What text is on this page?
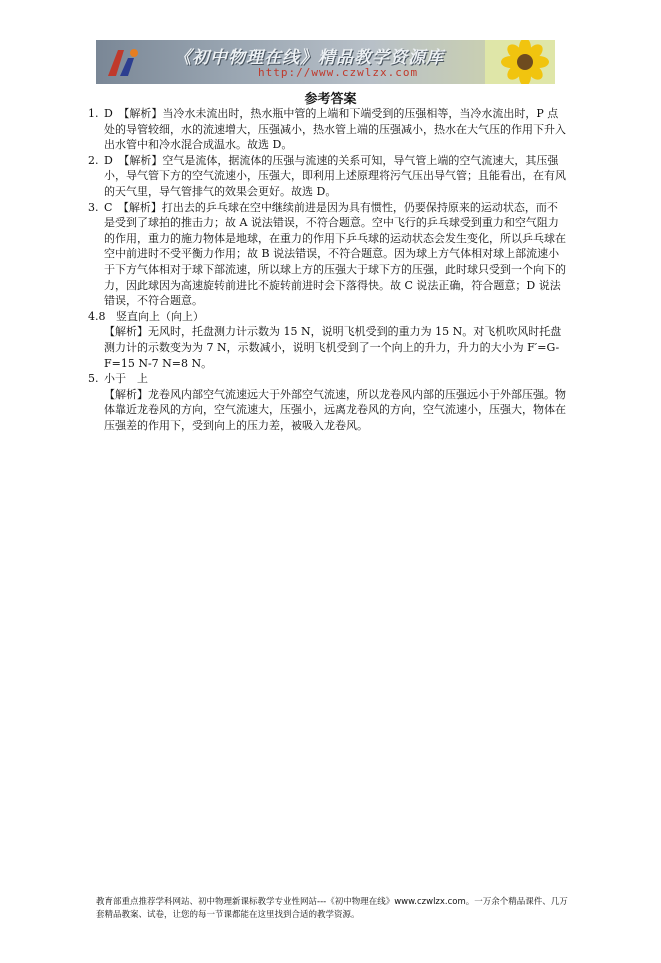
《初中物理在线》精品教学资源库
http://www.czwlzx.com
参考答案
1. D　【解析】当冷水未流出时，热水瓶中管的上端和下端受到的压强相等，当冷水流出时，P 点处的导管较细，水的流速增大，压强减小，热水管上端的压强减小，热水在大气压的作用下升入出水管中和冷水混合成温水。故选 D。
2. D　【解析】空气是流体，据流体的压强与流速的关系可知，导气管上端的空气流速大，其压强小，导气管下方的空气流速小，压强大，即利用上述原理将污气压出导气管；且能看出，在有风的天气里，导气管排气的效果会更好。故选 D。
3. C　【解析】打出去的乒乓球在空中继续前进是因为具有惯性，仍要保持原来的运动状态，而不是受到了球拍的推击力；故 A 说法错误，不符合题意。空中飞行的乒乓球受到重力和空气阻力的作用，重力的施力物体是地球，在重力的作用下乒乓球的运动状态会发生变化，所以乒乓球在空中前进时不受平衡力作用；故 B 说法错误，不符合题意。因为球上方气体相对球上部流速小于下方气体相对于球下部流速，所以球上方的压强大于球下方的压强，此时球只受到一个向下的力，因此球因为高速旋转前进比不旋转前进时会下落得快。故 C 说法正确，符合题意；D 说法错误，不符合题意。
4.8 竖直向上（向上）

【解析】无风时，托盘测力计示数为 15 N，说明飞机受到的重力为 15 N。对飞机吹风时托盘测力计的示数变为为 7 N，示数减小，说明飞机受到了一个向上的升力，升力的大小为 F′=G-F=15 N-7 N=8 N。

5. 小于　上

【解析】龙卷风内部空气流速远大于外部空气流速，所以龙卷风内部的压强远小于外部压强。物体靠近龙卷风的方向，空气流速大，压强小，远离龙卷风的方向，空气流速小，压强大，物体在压强差的作用下，受到向上的压力差，被吸入龙卷风。

教育部重点推荐学科网站、初中物理新课标教学专业性网站---《初中物理在线》www.czwlzx.com。一万余个精品课件、几万套精品教案、试卷，让您的每一节课都能在这里找到合适的教学资源。
